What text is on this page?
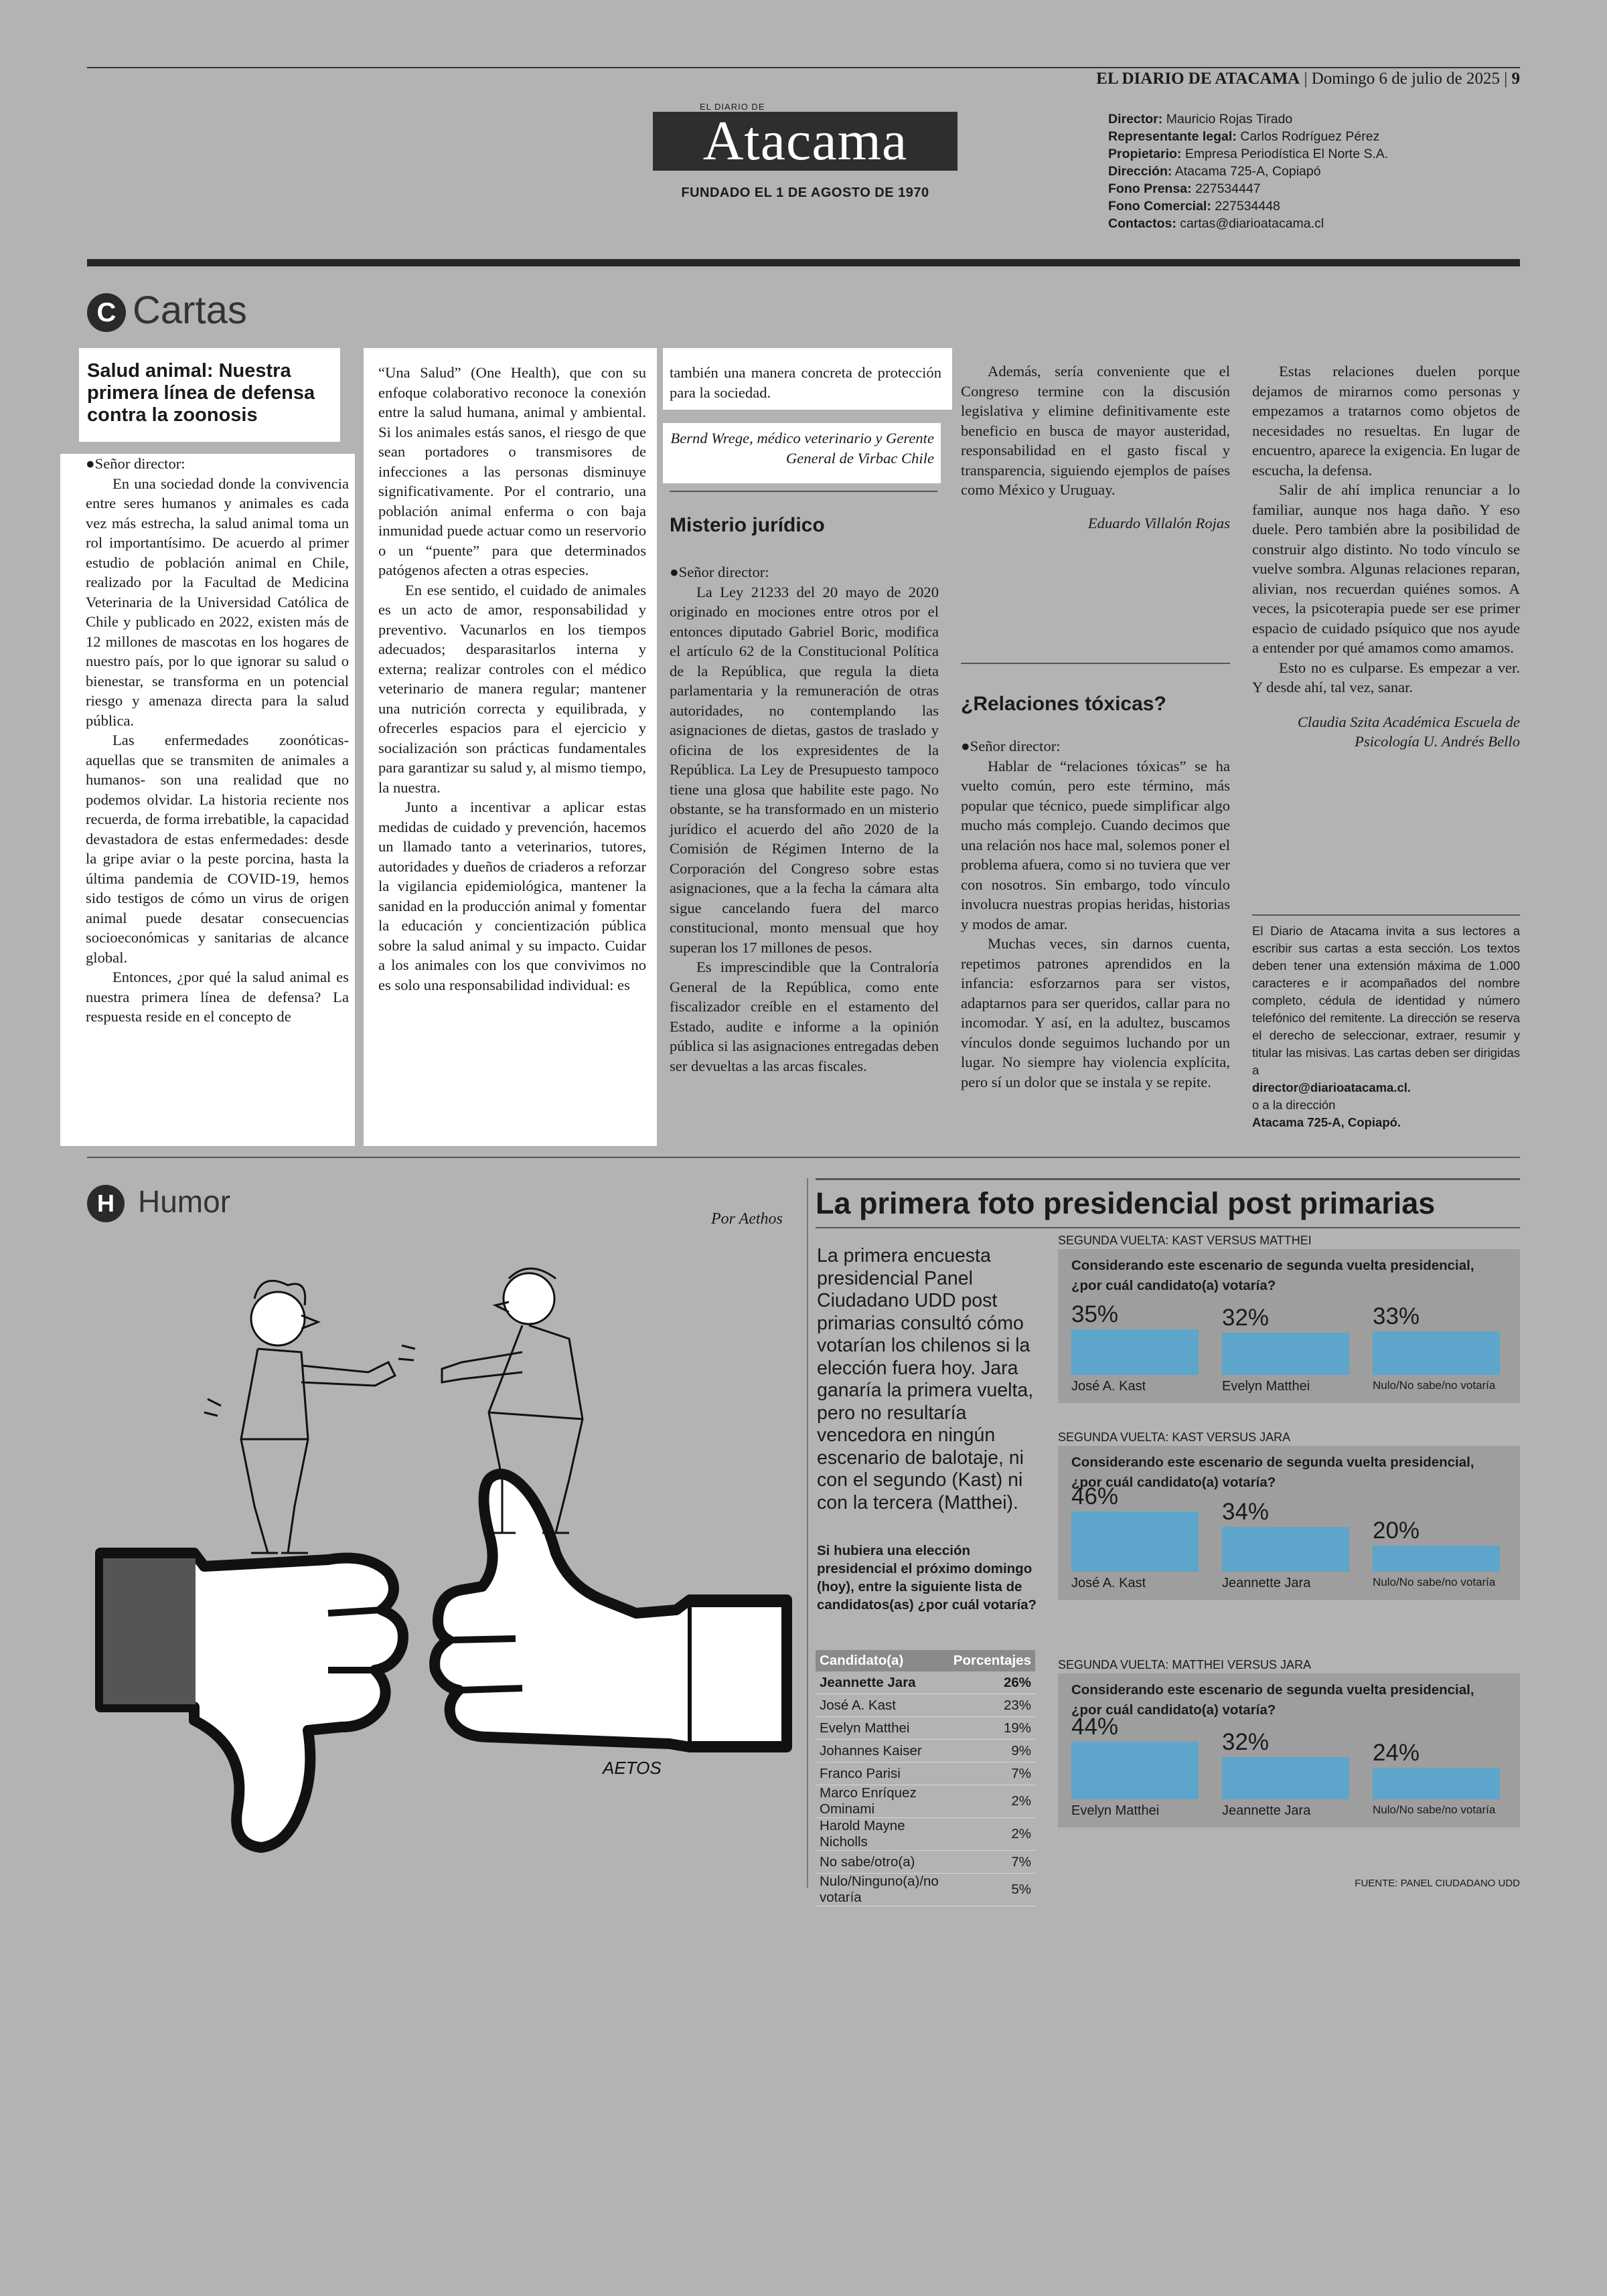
EL DIARIO DE ATACAMA | Domingo 6 de julio de 2025 | 9
EL DIARIO DE
Atacama
FUNDADO EL 1 DE AGOSTO DE 1970
Director: Mauricio Rojas Tirado
Representante legal: Carlos Rodríguez Pérez
Propietario: Empresa Periodística El Norte S.A.
Dirección: Atacama 725-A, Copiapó
Fono Prensa: 227534447
Fono Comercial: 227534448
Contactos: cartas@diarioatacama.cl
C Cartas
Salud animal: Nuestra primera línea de defensa contra la zoonosis

●Señor director:

En una sociedad donde la convivencia entre seres humanos y animales es cada vez más estrecha, la salud animal toma un rol importantísimo. De acuerdo al primer estudio de población animal en Chile, realizado por la Facultad de Medicina Veterinaria de la Universidad Católica de Chile y publicado en 2022, existen más de 12 millones de mascotas en los hogares de nuestro país, por lo que ignorar su salud o bienestar, se transforma en un potencial riesgo y amenaza directa para la salud pública.

Las enfermedades zoonóticas- aquellas que se transmiten de animales a humanos- son una realidad que no podemos olvidar. La historia reciente nos recuerda, de forma irrebatible, la capacidad devastadora de estas enfermedades: desde la gripe aviar o la peste porcina, hasta la última pandemia de COVID-19, hemos sido testigos de cómo un virus de origen animal puede desatar consecuencias socioeconómicas y sanitarias de alcance global.

Entonces, ¿por qué la salud animal es nuestra primera línea de defensa? La respuesta reside en el concepto de

“Una Salud” (One Health), que con su enfoque colaborativo reconoce la conexión entre la salud humana, animal y ambiental. Si los animales estás sanos, el riesgo de que sean portadores o transmisores de infecciones a las personas disminuye significativamente. Por el contrario, una población animal enferma o con baja inmunidad puede actuar como un reservorio o un “puente” para que determinados patógenos afecten a otras especies.

En ese sentido, el cuidado de animales es un acto de amor, responsabilidad y preventivo. Vacunarlos en los tiempos adecuados; desparasitarlos interna y externa; realizar controles con el médico veterinario de manera regular; mantener una nutrición correcta y equilibrada, y ofrecerles espacios para el ejercicio y socialización son prácticas fundamentales para garantizar su salud y, al mismo tiempo, la nuestra.

Junto a incentivar a aplicar estas medidas de cuidado y prevención, hacemos un llamado tanto a veterinarios, tutores, autoridades y dueños de criaderos a reforzar la vigilancia epidemiológica, mantener la sanidad en la producción animal y fomentar la educación y concientización pública sobre la salud animal y su impacto. Cuidar a los animales con los que convivimos no es solo una responsabilidad individual: es

también una manera concreta de protección para la sociedad.

Bernd Wrege, médico veterinario y Gerente General de Virbac Chile
Misterio jurídico

●Señor director:

La Ley 21233 del 20 mayo de 2020 originado en mociones entre otros por el entonces diputado Gabriel Boric, modifica el artículo 62 de la Constitucional Política de la República, que regula la dieta parlamentaria y la remuneración de otras autoridades, no contemplando las asignaciones de dietas, gastos de traslado y oficina de los expresidentes de la República. La Ley de Presupuesto tampoco tiene una glosa que habilite este pago. No obstante, se ha transformado en un misterio jurídico el acuerdo del año 2020 de la Comisión de Régimen Interno de la Corporación del Congreso sobre estas asignaciones, que a la fecha la cámara alta sigue cancelando fuera del marco constitucional, monto mensual que hoy superan los 17 millones de pesos.

Es imprescindible que la Contraloría General de la República, como ente fiscalizador creíble en el estamento del Estado, audite e informe a la opinión pública si las asignaciones entregadas deben ser devueltas a las arcas fiscales.

Además, sería conveniente que el Congreso termine con la discusión legislativa y elimine definitivamente este beneficio en busca de mayor austeridad, responsabilidad en el gasto fiscal y transparencia, siguiendo ejemplos de países como México y Uruguay.

Eduardo Villalón Rojas
¿Relaciones tóxicas?

●Señor director:

Hablar de “relaciones tóxicas” se ha vuelto común, pero este término, más popular que técnico, puede simplificar algo mucho más complejo. Cuando decimos que una relación nos hace mal, solemos poner el problema afuera, como si no tuviera que ver con nosotros. Sin embargo, todo vínculo involucra nuestras propias heridas, historias y modos de amar.

Muchas veces, sin darnos cuenta, repetimos patrones aprendidos en la infancia: esforzarnos para ser vistos, adaptarnos para ser queridos, callar para no incomodar. Y así, en la adultez, buscamos vínculos donde seguimos luchando por un lugar. No siempre hay violencia explícita, pero sí un dolor que se instala y se repite.

Estas relaciones duelen porque dejamos de mirarnos como personas y empezamos a tratarnos como objetos de necesidades no resueltas. En lugar de encuentro, aparece la exigencia. En lugar de escucha, la defensa.

Salir de ahí implica renunciar a lo familiar, aunque nos haga daño. Y eso duele. Pero también abre la posibilidad de construir algo distinto. No todo vínculo se vuelve sombra. Algunas relaciones reparan, alivian, nos recuerdan quiénes somos. A veces, la psicoterapia puede ser ese primer espacio de cuidado psíquico que nos ayude a entender por qué amamos como amamos.

Esto no es culparse. Es empezar a ver. Y desde ahí, tal vez, sanar.

Claudia Szita Académica Escuela de Psicología U. Andrés Bello
El Diario de Atacama invita a sus lectores a escribir sus cartas a esta sección. Los textos deben tener una extensión máxima de 1.000 caracteres e ir acompañados del nombre completo, cédula de identidad y número telefónico del remitente. La dirección se reserva el derecho de seleccionar, extraer, resumir y titular las misivas. Las cartas deben ser dirigidas a
director@diarioatacama.cl.
o a la dirección
Atacama 725-A, Copiapó.
H Humor	Por Aethos
AETOS
La primera foto presidencial post primarias
La primera encuesta presidencial Panel Ciudadano UDD post primarias consultó cómo votarían los chilenos si la elección fuera hoy. Jara ganaría la primera vuelta, pero no resultaría vencedora en ningún escenario de balotaje, ni con el segundo (Kast) ni con la tercera (Matthei).
Si hubiera una elección presidencial el próximo domingo (hoy), entre la siguiente lista de candidatos(as) ¿por cuál votaría?
Candidato(a)	Porcentajes
Jeannette Jara	26%
José A. Kast	23%
Evelyn Matthei	19%
Johannes Kaiser	9%
Franco Parisi	7%
Marco Enríquez Ominami	2%
Harold Mayne Nicholls	2%
No sabe/otro(a)	7%
Nulo/Ninguno(a)/no votaría	5%
SEGUNDA VUELTA: KAST VERSUS MATTHEI
Considerando este escenario de segunda vuelta presidencial, ¿por cuál candidato(a) votaría?
35%
José A. Kast
32%
Evelyn Matthei
33%
Nulo/No sabe/no votaría
SEGUNDA VUELTA: KAST VERSUS JARA
Considerando este escenario de segunda vuelta presidencial, ¿por cuál candidato(a) votaría?
46%
José A. Kast
34%
Jeannette Jara
20%
Nulo/No sabe/no votaría
SEGUNDA VUELTA: MATTHEI VERSUS JARA
Considerando este escenario de segunda vuelta presidencial, ¿por cuál candidato(a) votaría?
44%
Evelyn Matthei
32%
Jeannette Jara
24%
Nulo/No sabe/no votaría
FUENTE: PANEL CIUDADANO UDD
